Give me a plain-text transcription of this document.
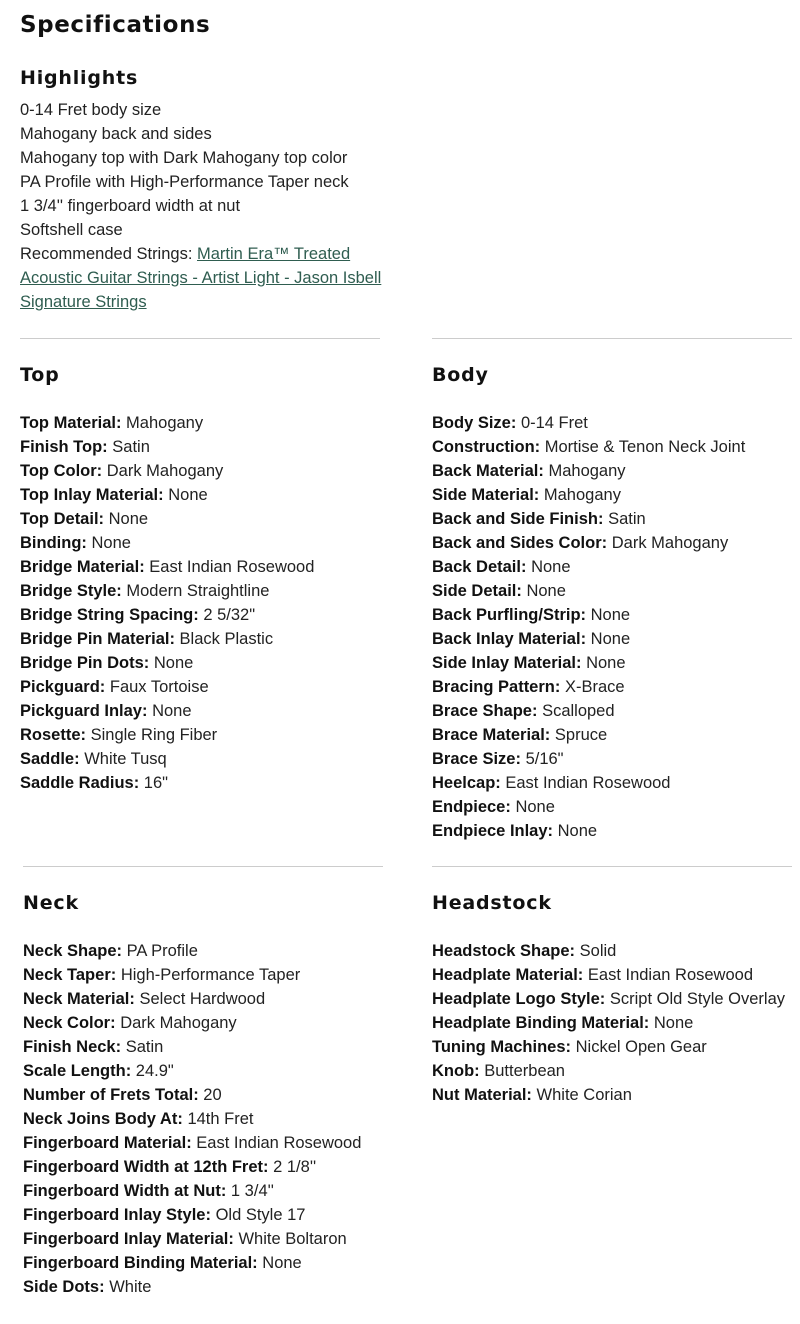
Specifications
Highlights
0-14 Fret body size
Mahogany back and sides
Mahogany top with Dark Mahogany top color
PA Profile with High-Performance Taper neck
1 3/4'' fingerboard width at nut
Softshell case
Recommended Strings: Martin Era™ Treated Acoustic Guitar Strings - Artist Light - Jason Isbell Signature Strings
Top
Top Material: Mahogany
Finish Top: Satin
Top Color: Dark Mahogany
Top Inlay Material: None
Top Detail: None
Binding: None
Bridge Material: East Indian Rosewood
Bridge Style: Modern Straightline
Bridge String Spacing: 2 5/32"
Bridge Pin Material: Black Plastic
Bridge Pin Dots: None
Pickguard: Faux Tortoise
Pickguard Inlay: None
Rosette: Single Ring Fiber
Saddle: White Tusq
Saddle Radius: 16"
Body
Body Size: 0-14 Fret
Construction: Mortise & Tenon Neck Joint
Back Material: Mahogany
Side Material: Mahogany
Back and Side Finish: Satin
Back and Sides Color: Dark Mahogany
Back Detail: None
Side Detail: None
Back Purfling/Strip: None
Back Inlay Material: None
Side Inlay Material: None
Bracing Pattern: X-Brace
Brace Shape: Scalloped
Brace Material: Spruce
Brace Size: 5/16"
Heelcap: East Indian Rosewood
Endpiece: None
Endpiece Inlay: None
Neck
Neck Shape: PA Profile
Neck Taper: High-Performance Taper
Neck Material: Select Hardwood
Neck Color: Dark Mahogany
Finish Neck: Satin
Scale Length: 24.9"
Number of Frets Total: 20
Neck Joins Body At: 14th Fret
Fingerboard Material: East Indian Rosewood
Fingerboard Width at 12th Fret: 2 1/8''
Fingerboard Width at Nut: 1 3/4''
Fingerboard Inlay Style: Old Style 17
Fingerboard Inlay Material: White Boltaron
Fingerboard Binding Material: None
Side Dots: White
Headstock
Headstock Shape: Solid
Headplate Material: East Indian Rosewood
Headplate Logo Style: Script Old Style Overlay
Headplate Binding Material: None
Tuning Machines: Nickel Open Gear
Knob: Butterbean
Nut Material: White Corian
